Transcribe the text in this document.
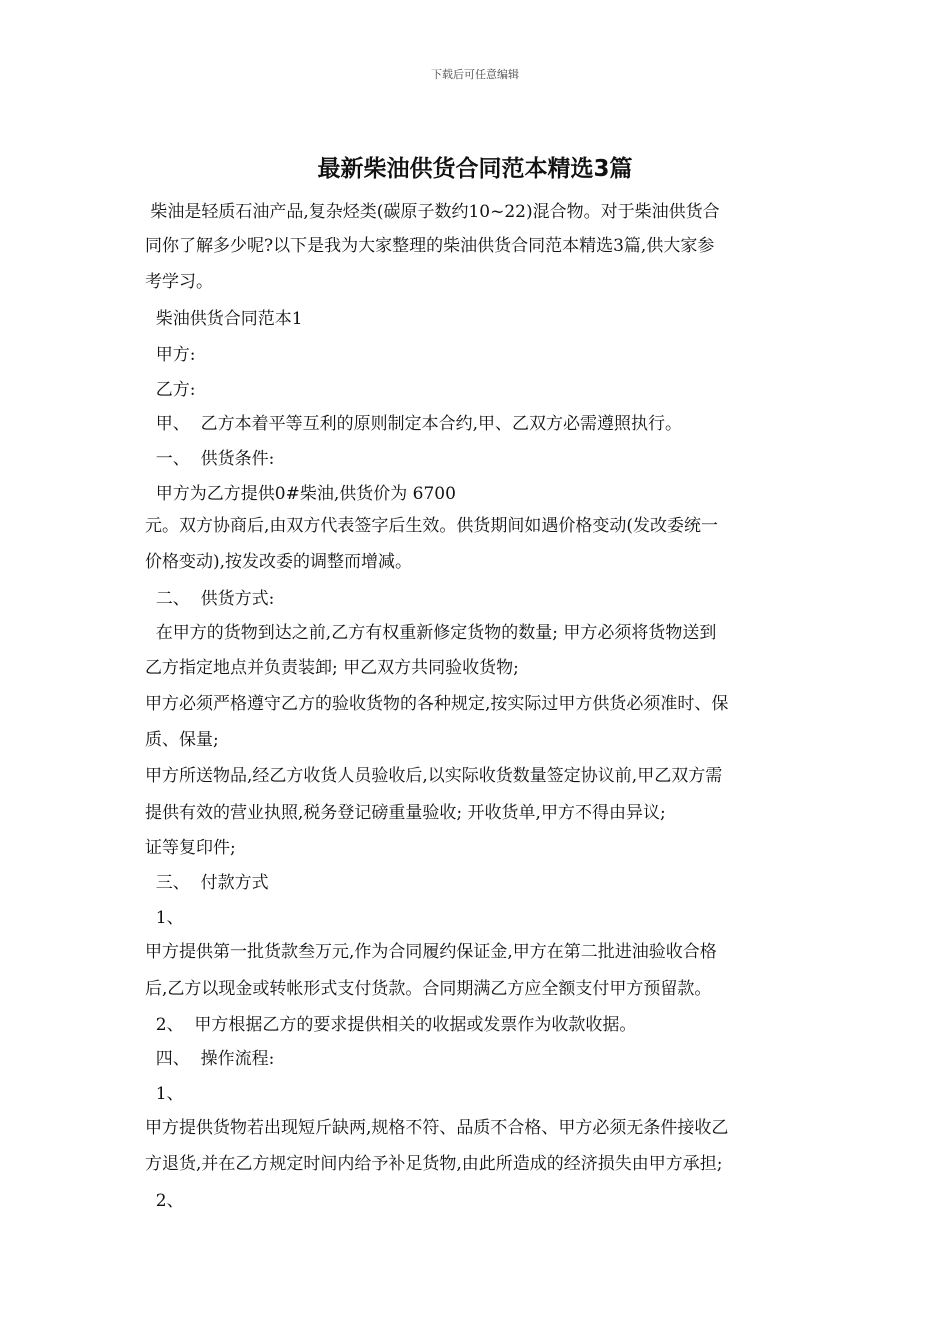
下载后可任意编辑
最新柴油供货合同范本精选3篇
柴油是轻质石油产品,复杂烃类(碳原子数约10~22)混合物。对于柴油供货合
同你了解多少呢?以下是我为大家整理的柴油供货合同范本精选3篇,供大家参
考学习。
柴油供货合同范本1
甲方:
乙方:
甲、  乙方本着平等互利的原则制定本合约,甲、乙双方必需遵照执行。
一、  供货条件:
甲方为乙方提供0#柴油,供货价为 6700
元。双方协商后,由双方代表签字后生效。供货期间如遇价格变动(发改委统一
价格变动),按发改委的调整而增减。
二、  供货方式:
在甲方的货物到达之前,乙方有权重新修定货物的数量; 甲方必须将货物送到
乙方指定地点并负责装卸; 甲乙双方共同验收货物;
甲方必须严格遵守乙方的验收货物的各种规定,按实际过甲方供货必须准时、保
质、保量;
甲方所送物品,经乙方收货人员验收后,以实际收货数量签定协议前,甲乙双方需
提供有效的营业执照,税务登记磅重量验收; 开收货单,甲方不得由异议;
证等复印件;
三、  付款方式
1、
甲方提供第一批货款叁万元,作为合同履约保证金,甲方在第二批进油验收合格
后,乙方以现金或转帐形式支付货款。合同期满乙方应全额支付甲方预留款。
2、  甲方根据乙方的要求提供相关的收据或发票作为收款收据。
四、  操作流程:
1、
甲方提供货物若出现短斤缺两,规格不符、品质不合格、甲方必须无条件接收乙
方退货,并在乙方规定时间内给予补足货物,由此所造成的经济损失由甲方承担;
2、
